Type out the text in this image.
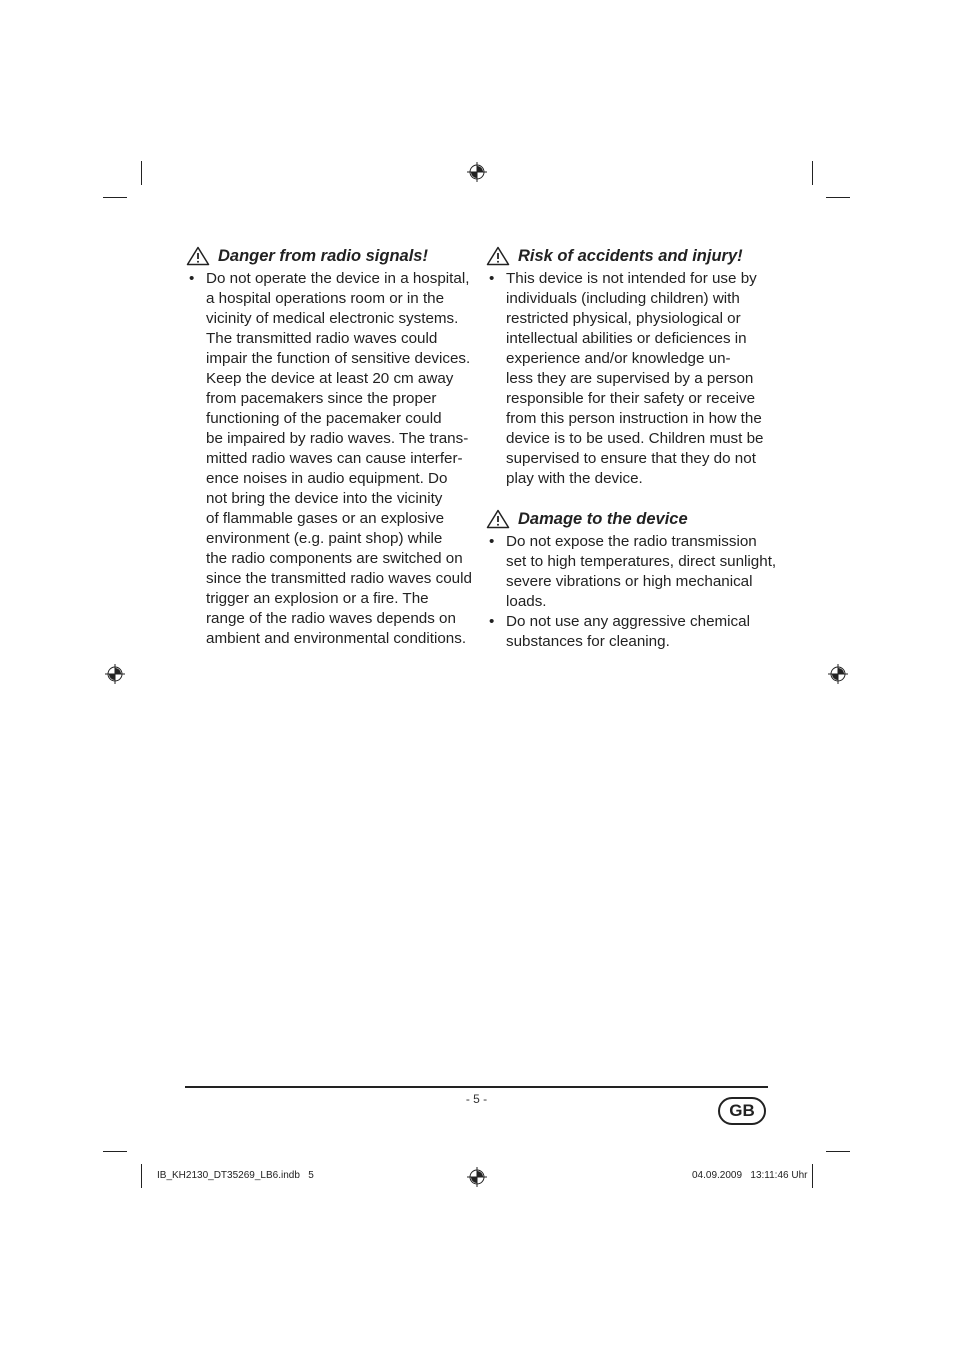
Danger from radio signals!
• Do not operate the device in a hospital,
a hospital operations room or in the
vicinity of medical electronic systems.
The transmitted radio waves could
impair the function of sensitive devices.
Keep the device at least 20 cm away
from pacemakers since the proper
functioning of the pacemaker could
be impaired by radio waves. The trans-
mitted radio waves can cause interfer-
ence noises in audio equipment. Do
not bring the device into the vicinity
of flammable gases or an explosive
environment (e.g. paint shop) while
the radio components are switched on
since the transmitted radio waves could
trigger an explosion or a fire. The
range of the radio waves depends on
ambient and environmental conditions.
Risk of accidents and injury!
• This device is not intended for use by
individuals (including children) with
restricted physical, physiological or
intellectual abilities or deficiences in
experience and/or knowledge un-
less they are supervised by a person
responsible for their safety or receive
from this person instruction in how the
device is to be used. Children must be
supervised to ensure that they do not
play with the device.
Damage to the device
• Do not expose the radio transmission
set to high temperatures, direct sunlight,
severe vibrations or high mechanical
loads.
• Do not use any aggressive chemical
substances for cleaning.
- 5 -
GB
IB_KH2130_DT35269_LB6.indb   5	04.09.2009   13:11:46 Uhr
